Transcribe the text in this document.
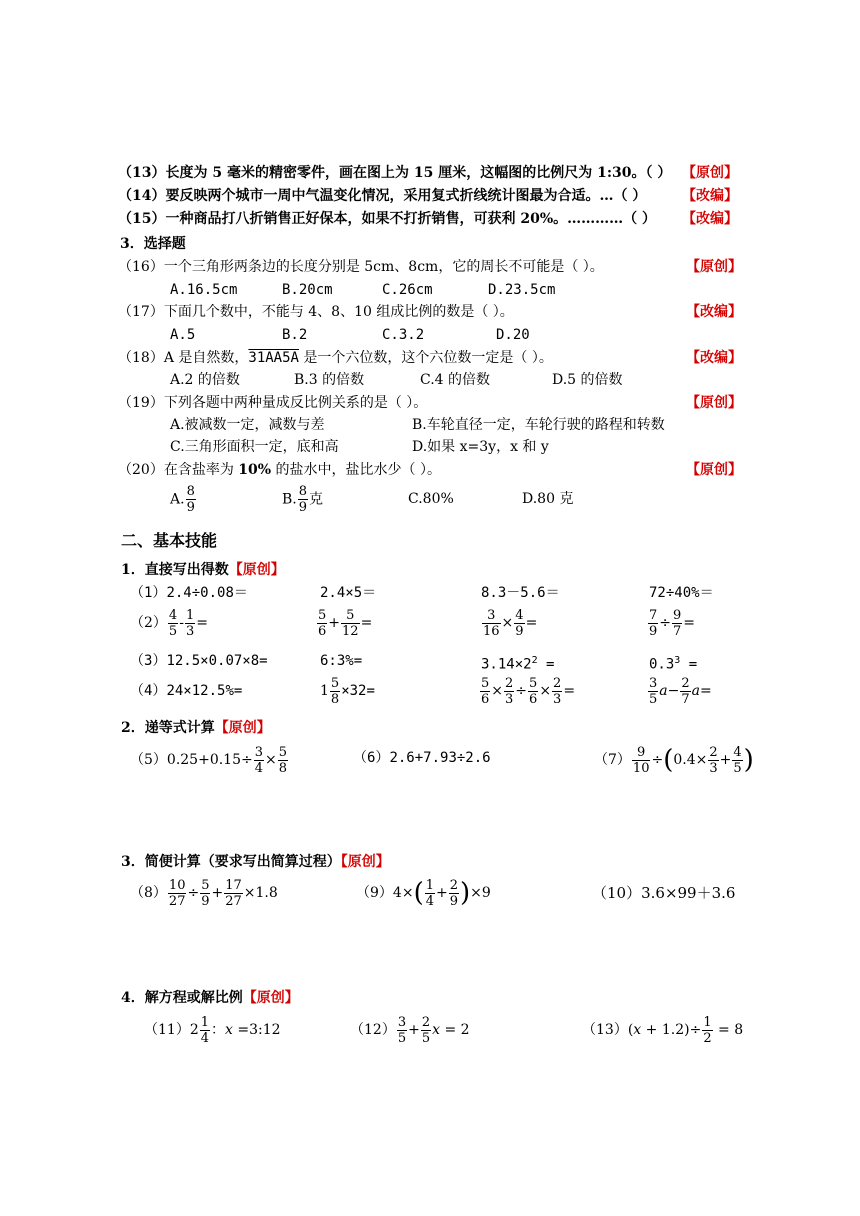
（13）长度为 5 毫米的精密零件，画在图上为 15 厘米，这幅图的比例尺为 1:30。（ ） 【原创】
（14）要反映两个城市一周中气温变化情况，采用复式折线统计图最为合适。…（ ）	【改编】
（15）一种商品打八折销售正好保本，如果不打折销售，可获利 20%。…………（ ） 【改编】
3．选择题
（16）一个三角形两条边的长度分别是 5cm、8cm，它的周长不可能是（ ）。	【原创】
A.16.5cm	B.20cm	C.26cm	D.23.5cm
（17）下面几个数中，不能与 4、8、10 组成比例的数是（ ）。	【改编】
A.5	B.2	C.3.2	D.20
（18）A 是自然数，31AA5A 是一个六位数，这个六位数一定是（ ）。	【改编】
A.2 的倍数	B.3 的倍数	C.4 的倍数	D.5 的倍数
（19）下列各题中两种量成反比例关系的是（ ）。	【原创】
A.被减数一定，减数与差	B.车轮直径一定，车轮行驶的路程和转数
C.三角形面积一定，底和高	D.如果 x=3y，x 和 y
（20）在含盐率为 10% 的盐水中，盐比水少（ ）。	【原创】
A. $\frac{8}{9}$	B. $\frac{8}{9}$ 克	C.80%	D.80 克
二、基本技能
1．直接写出得数【原创】
（1）2.4÷0.08＝	2.4×5＝	8.3－5.6＝	72÷40%＝
$(2) \frac{4}{5} - \frac{1}{3}$ =	$\frac{5}{6} + \frac{5}{12}$ =	$\frac{3}{16} \times \frac{4}{9}$ =	$\frac{7}{9} \div \frac{9}{7}$ =
（3）12.5×0.07×8=	6:3%=	$3.14\times 2^2$ =	$0.3^3$ =
（4）24×12.5%=	$1 \frac{5}{8} \times 32=$	$\frac{5}{6} \times \frac{2}{3} \div \frac{5}{6} \times \frac{2}{3}$ =	$\frac{3}{5} a- \frac{2}{7} a=$
2．递等式计算【原创】
$(5)0.25+0.15\div \frac{3}{4} \times \frac{5}{8}$	（6）2.6+7.93÷2.6	$(7) \frac{9}{10} \div(0.4\times \frac{2}{3} + \frac{4}{5}$ )
3．简便计算（要求写出简算过程）【原创】
$(8) \frac{10}{27} \div \frac{5}{9} + \frac{17}{27} \times 1.8$	$(9)4\times( \frac{1}{4} + \frac{2}{9} )\times 9$	（10）3.6×99＋3.6
4．解方程或解比例【原创】
$(11)2 \frac{1}{4}$ ：x =3:12	$(12) \frac{3}{5} + \frac{2}{5}$ x = 2	$(13)(x + 1.2)\div \frac{1}{2} = 8$
